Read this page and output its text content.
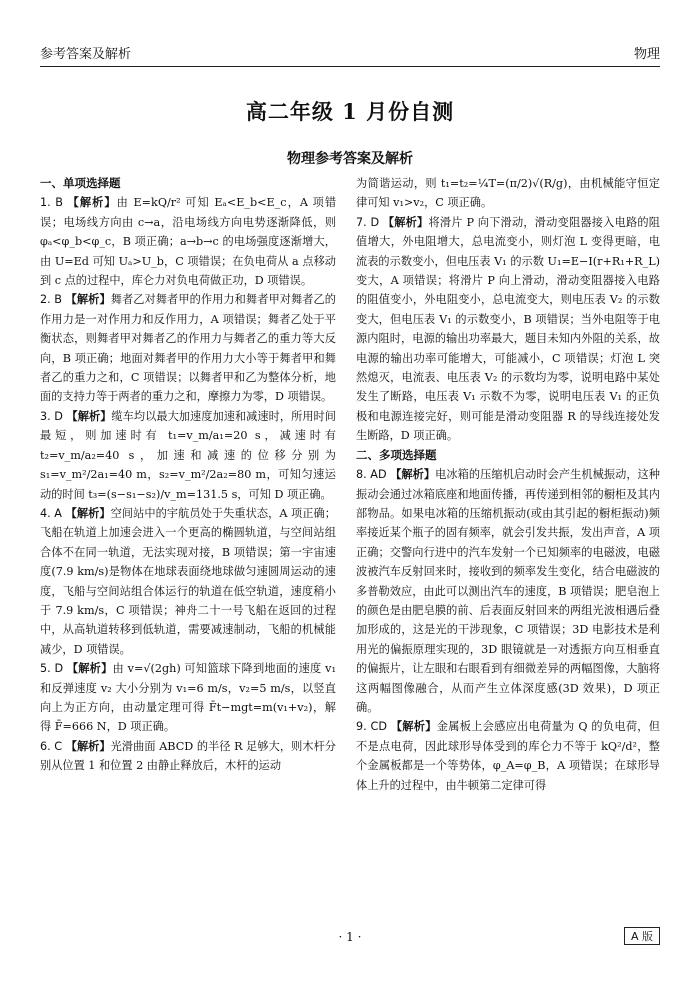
参考答案及解析	物理
高二年级 1 月份自测
物理参考答案及解析
一、单项选择题
1. B 【解析】由 E=kQ/r² 可知 Eₐ<E_b<E_c，A 项错误；电场线方向由 c→a，沿电场线方向电势逐渐降低，则 φₐ<φ_b<φ_c，B 项正确；a→b→c 的电场强度逐渐增大，由 U=Ed 可知 Uₐ>U_b，C 项错误；在负电荷从 a 点移动到 c 点的过程中，库仑力对负电荷做正功，D 项错误。
2. B 【解析】舞者乙对舞者甲的作用力和舞者甲对舞者乙的作用力是一对作用力和反作用力，A 项错误；舞者乙处于平衡状态，则舞者甲对舞者乙的作用力与舞者乙的重力等大反向，B 项正确；地面对舞者甲的作用力大小等于舞者甲和舞者乙的重力之和，C 项错误；以舞者甲和乙为整体分析，地面的支持力等于两者的重力之和，摩擦力为零，D 项错误。
3. D 【解析】缆车均以最大加速度加速和减速时，所用时间最短，则加速时有 t₁=v_m/a₁=20 s，减速时有 t₂=v_m/a₂=40 s，加速和减速的位移分别为 s₁=v_m²/2a₁=40 m，s₂=v_m²/2a₂=80 m，可知匀速运动的时间 t₃=(s−s₁−s₂)/v_m=131.5 s，可知 D 项正确。
4. A 【解析】空间站中的宇航员处于失重状态，A 项正确；飞船在轨道上加速会进入一个更高的椭圆轨道，与空间站组合体不在同一轨道，无法实现对接，B 项错误；第一宇宙速度(7.9 km/s)是物体在地球表面绕地球做匀速圆周运动的速度，飞船与空间站组合体运行的轨道在低空轨道，速度稍小于 7.9 km/s，C 项错误；神舟二十一号飞船在返回的过程中，从高轨道转移到低轨道，需要减速制动，飞船的机械能减少，D 项错误。
5. D 【解析】由 v=√(2gh) 可知篮球下降到地面的速度 v₁ 和反弹速度 v₂ 大小分别为 v₁=6 m/s，v₂=5 m/s，以竖直向上为正方向，由动量定理可得 F̄t−mgt=m(v₁+v₂)，解得 F̄=666 N，D 项正确。
6. C 【解析】光滑曲面 ABCD 的半径 R 足够大，则木杆分别从位置 1 和位置 2 由静止释放后，木杆的运动
为简谐运动，则 t₁=t₂=¼T=(π/2)√(R/g)，由机械能守恒定律可知 v₁>v₂，C 项正确。
7. D 【解析】将滑片 P 向下滑动，滑动变阻器接入电路的阻值增大，外电阻增大，总电流变小，则灯泡 L 变得更暗，电流表的示数变小，但电压表 V₁ 的示数 U₁=E−I(r+R₁+R_L) 变大，A 项错误；将滑片 P 向上滑动，滑动变阻器接入电路的阻值变小，外电阻变小，总电流变大，则电压表 V₂ 的示数变大，但电压表 V₁ 的示数变小，B 项错误；当外电阻等于电源内阻时，电源的输出功率最大，题目未知内外阻的关系，故电源的输出功率可能增大，可能减小，C 项错误；灯泡 L 突然熄灭，电流表、电压表 V₂ 的示数均为零，说明电路中某处发生了断路，电压表 V₁ 示数不为零，说明电压表 V₁ 的正负极和电源连接完好，则可能是滑动变阻器 R 的导线连接处发生断路，D 项正确。
二、多项选择题
8. AD 【解析】电冰箱的压缩机启动时会产生机械振动，这种振动会通过冰箱底座和地面传播，再传递到相邻的橱柜及其内部物品。如果电冰箱的压缩机振动(或由其引起的橱柜振动)频率接近某个瓶子的固有频率，就会引发共振，发出声音，A 项正确；交警向行进中的汽车发射一个已知频率的电磁波，电磁波被汽车反射回来时，接收到的频率发生变化，结合电磁波的多普勒效应，由此可以测出汽车的速度，B 项错误；肥皂泡上的颜色是由肥皂膜的前、后表面反射回来的两组光波相遇后叠加形成的，这是光的干涉现象，C 项错误；3D 电影技术是利用光的偏振原理实现的，3D 眼镜就是一对透振方向互相垂直的偏振片，让左眼和右眼看到有细微差异的两幅图像，大脑将这两幅图像融合，从而产生立体深度感(3D 效果)，D 项正确。
9. CD 【解析】金属板上会感应出电荷量为 Q 的负电荷，但不是点电荷，因此球形导体受到的库仑力不等于 kQ²/d²，整个金属板都是一个等势体，φ_A=φ_B，A 项错误；在球形导体上升的过程中，由牛顿第二定律可得
· 1 ·	A 版
